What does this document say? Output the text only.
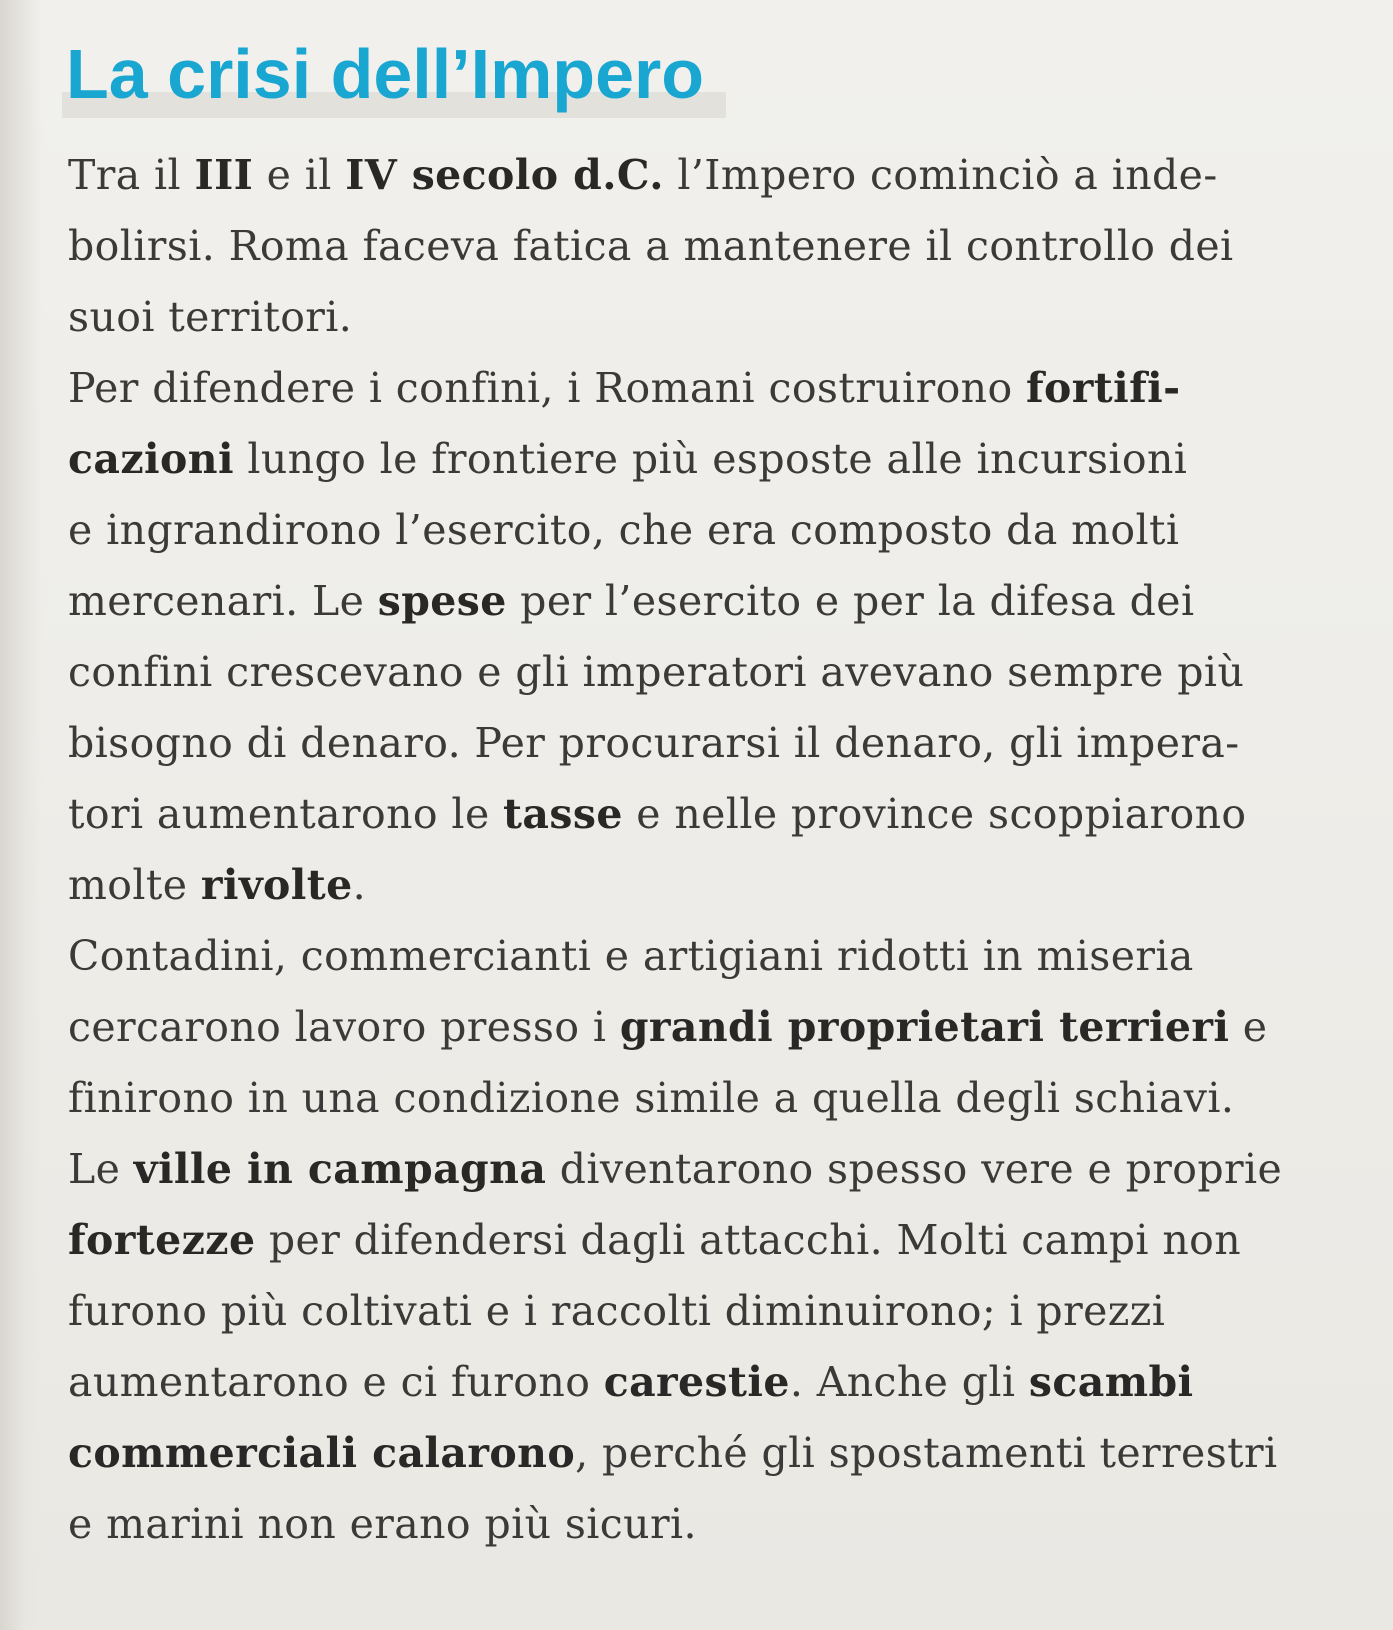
La crisi dell’Impero

Tra il III e il IV secolo d.C. l’Impero cominciò a inde-
bolirsi. Roma faceva fatica a mantenere il controllo dei
suoi territori.

Per difendere i confini, i Romani costruirono fortifi-
cazioni lungo le frontiere più esposte alle incursioni
e ingrandirono l’esercito, che era composto da molti
mercenari. Le spese per l’esercito e per la difesa dei
confini crescevano e gli imperatori avevano sempre più
bisogno di denaro. Per procurarsi il denaro, gli impera-
tori aumentarono le tasse e nelle province scoppiarono
molte rivolte.

Contadini, commercianti e artigiani ridotti in miseria
cercarono lavoro presso i grandi proprietari terrieri e
finirono in una condizione simile a quella degli schiavi.
Le ville in campagna diventarono spesso vere e proprie
fortezze per difendersi dagli attacchi. Molti campi non
furono più coltivati e i raccolti diminuirono; i prezzi
aumentarono e ci furono carestie. Anche gli scambi
commerciali calarono, perché gli spostamenti terrestri
e marini non erano più sicuri.
